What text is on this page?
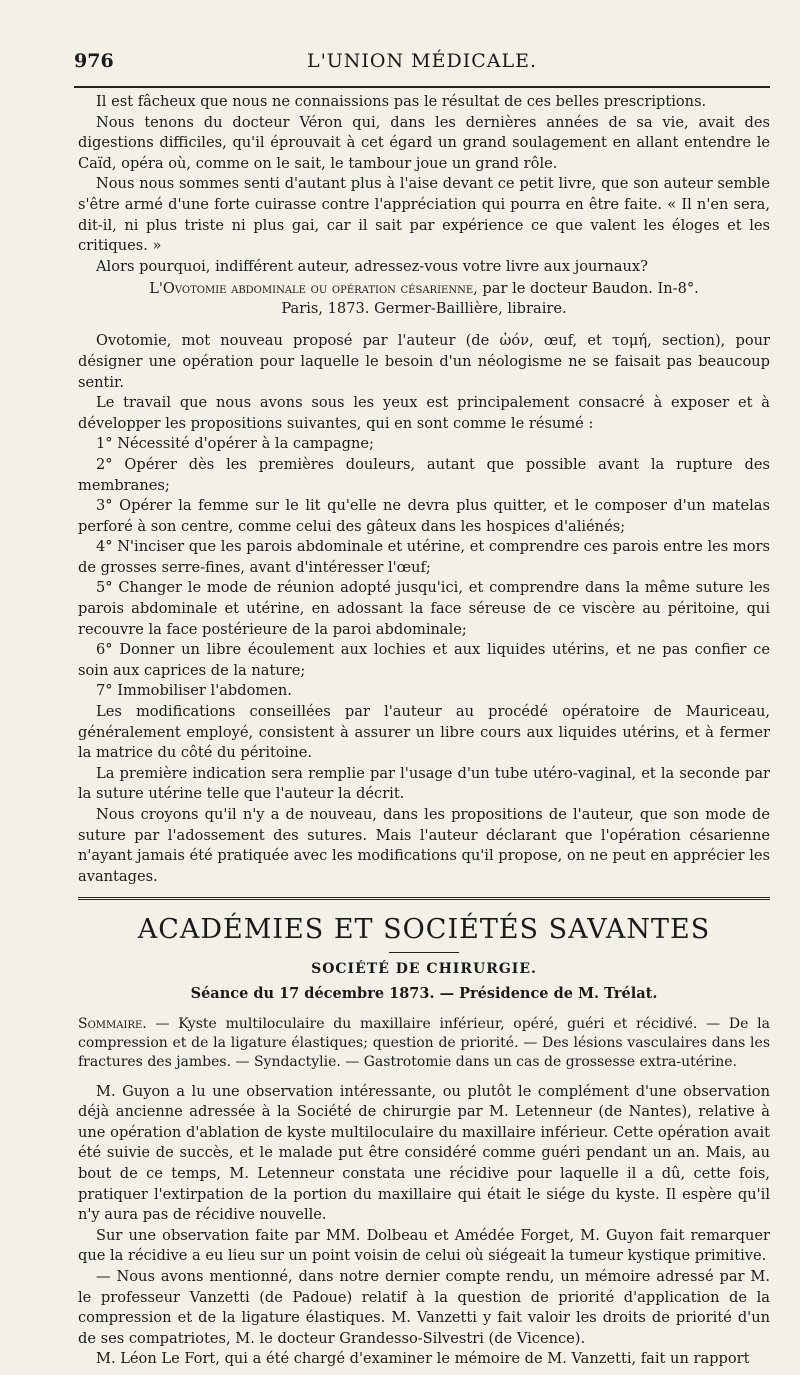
976	L'UNION MÉDICALE.

Il est fâcheux que nous ne connaissions pas le résultat de ces belles prescriptions.

Nous tenons du docteur Véron qui, dans les dernières années de sa vie, avait des digestions difficiles, qu'il éprouvait à cet égard un grand soulagement en allant entendre le Caïd, opéra où, comme on le sait, le tambour joue un grand rôle.

Nous nous sommes senti d'autant plus à l'aise devant ce petit livre, que son auteur semble s'être armé d'une forte cuirasse contre l'appréciation qui pourra en être faite. « Il n'en sera, dit-il, ni plus triste ni plus gai, car il sait par expérience ce que valent les éloges et les critiques. »

Alors pourquoi, indifférent auteur, adressez-vous votre livre aux journaux?

L'Ovotomie abdominale ou opération césarienne, par le docteur Baudon. In-8°.
Paris, 1873. Germer-Baillière, libraire.

Ovotomie, mot nouveau proposé par l'auteur (de ὠόν, œuf, et τομή, section), pour désigner une opération pour laquelle le besoin d'un néologisme ne se faisait pas beaucoup sentir.

Le travail que nous avons sous les yeux est principalement consacré à exposer et à développer les propositions suivantes, qui en sont comme le résumé :

1° Nécessité d'opérer à la campagne;

2° Opérer dès les premières douleurs, autant que possible avant la rupture des membranes;

3° Opérer la femme sur le lit qu'elle ne devra plus quitter, et le composer d'un matelas perforé à son centre, comme celui des gâteux dans les hospices d'aliénés;

4° N'inciser que les parois abdominale et utérine, et comprendre ces parois entre les mors de grosses serre-fines, avant d'intéresser l'œuf;

5° Changer le mode de réunion adopté jusqu'ici, et comprendre dans la même suture les parois abdominale et utérine, en adossant la face séreuse de ce viscère au péritoine, qui recouvre la face postérieure de la paroi abdominale;

6° Donner un libre écoulement aux lochies et aux liquides utérins, et ne pas confier ce soin aux caprices de la nature;

7° Immobiliser l'abdomen.

Les modifications conseillées par l'auteur au procédé opératoire de Mauriceau, généralement employé, consistent à assurer un libre cours aux liquides utérins, et à fermer la matrice du côté du péritoine.

La première indication sera remplie par l'usage d'un tube utéro-vaginal, et la seconde par la suture utérine telle que l'auteur la décrit.

Nous croyons qu'il n'y a de nouveau, dans les propositions de l'auteur, que son mode de suture par l'adossement des sutures. Mais l'auteur déclarant que l'opération césarienne n'ayant jamais été pratiquée avec les modifications qu'il propose, on ne peut en apprécier les avantages.

ACADÉMIES ET SOCIÉTÉS SAVANTES
SOCIÉTÉ DE CHIRURGIE.

Séance du 17 décembre 1873. — Présidence de M. Trélat.

Sommaire. — Kyste multiloculaire du maxillaire inférieur, opéré, guéri et récidivé. — De la compression et de la ligature élastiques; question de priorité. — Des lésions vasculaires dans les fractures des jambes. — Syndactylie. — Gastrotomie dans un cas de grossesse extra-utérine.

M. Guyon a lu une observation intéressante, ou plutôt le complément d'une observation déjà ancienne adressée à la Société de chirurgie par M. Letenneur (de Nantes), relative à une opération d'ablation de kyste multiloculaire du maxillaire inférieur. Cette opération avait été suivie de succès, et le malade put être considéré comme guéri pendant un an. Mais, au bout de ce temps, M. Letenneur constata une récidive pour laquelle il a dû, cette fois, pratiquer l'extirpation de la portion du maxillaire qui était le siége du kyste. Il espère qu'il n'y aura pas de récidive nouvelle.

Sur une observation faite par MM. Dolbeau et Amédée Forget, M. Guyon fait remarquer que la récidive a eu lieu sur un point voisin de celui où siégeait la tumeur kystique primitive.

— Nous avons mentionné, dans notre dernier compte rendu, un mémoire adressé par M. le professeur Vanzetti (de Padoue) relatif à la question de priorité d'application de la compression et de la ligature élastiques. M. Vanzetti y fait valoir les droits de priorité d'un de ses compatriotes, M. le docteur Grandesso-Silvestri (de Vicence).

M. Léon Le Fort, qui a été chargé d'examiner le mémoire de M. Vanzetti, fait un rapport
